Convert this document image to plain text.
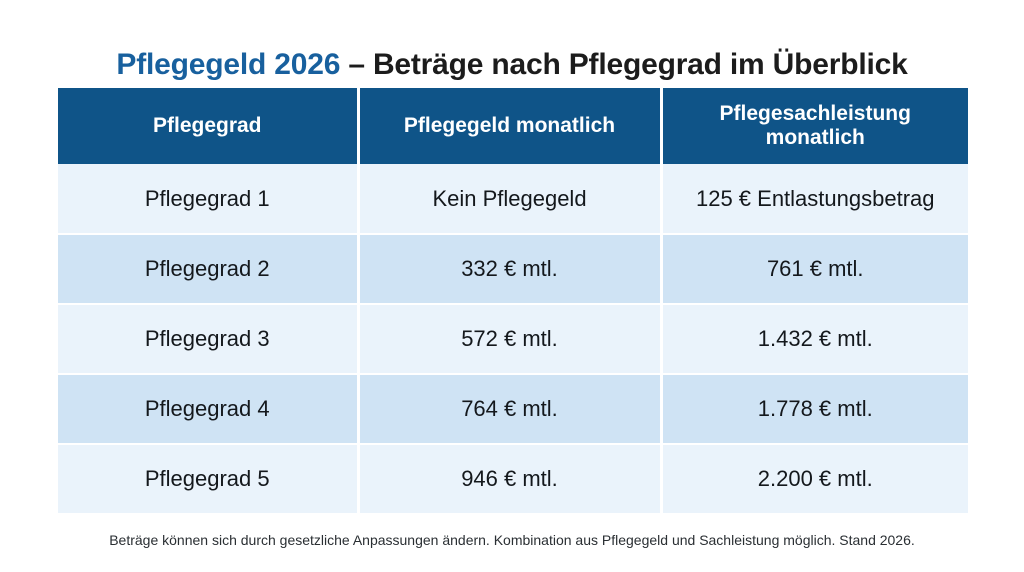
Pflegegeld 2026 – Beträge nach Pflegegrad im Überblick
Pflegegrad	Pflegegeld monatlich	Pflegesachleistung monatlich
Pflegegrad 1	Kein Pflegegeld	125 € Entlastungsbetrag
Pflegegrad 2	332 € mtl.	761 € mtl.
Pflegegrad 3	572 € mtl.	1.432 € mtl.
Pflegegrad 4	764 € mtl.	1.778 € mtl.
Pflegegrad 5	946 € mtl.	2.200 € mtl.
Beträge können sich durch gesetzliche Anpassungen ändern. Kombination aus Pflegegeld und Sachleistung möglich. Stand 2026.
